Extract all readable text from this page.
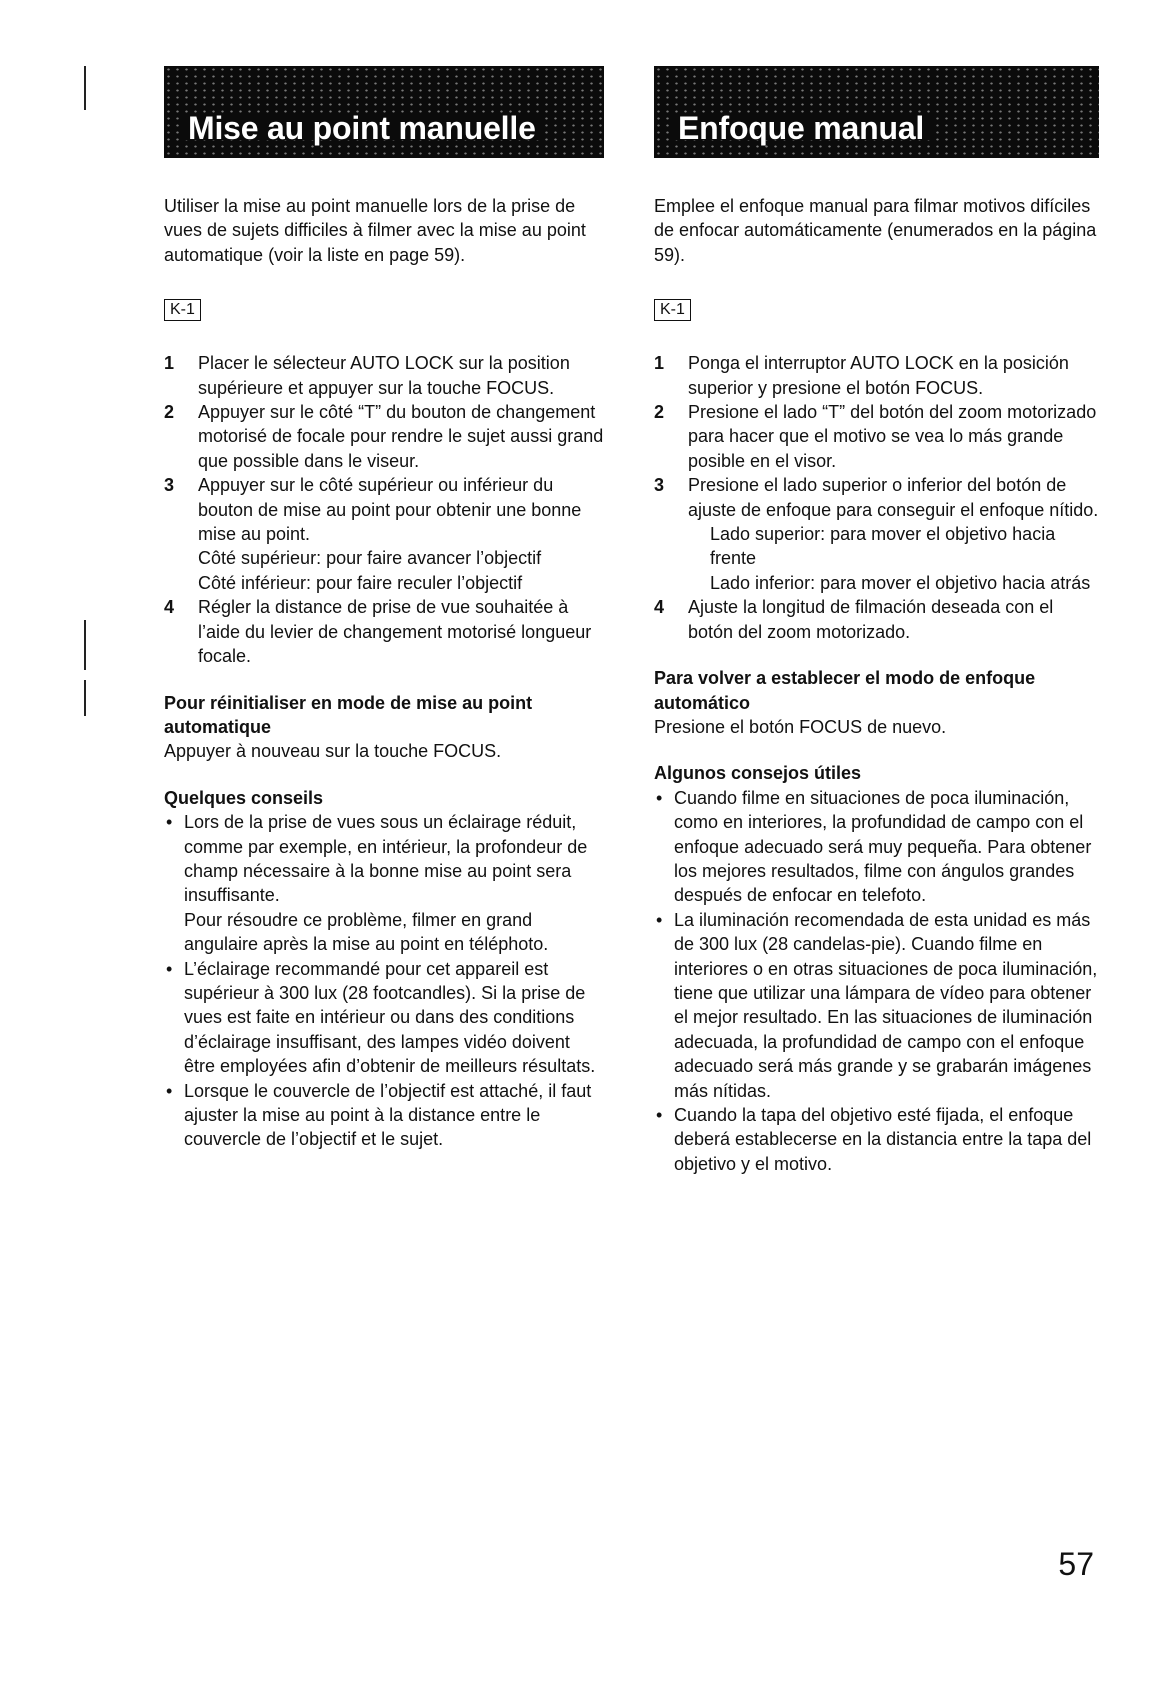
Mise au point manuelle

Utiliser la mise au point manuelle lors de la prise de vues de sujets difficiles à filmer avec la mise au point automatique (voir la liste en page 59).

K-1
1 Placer le sélecteur AUTO LOCK sur la position supérieure et appuyer sur la touche FOCUS.
2 Appuyer sur le côté “T” du bouton de changement motorisé de focale pour rendre le sujet aussi grand que possible dans le viseur.
3 Appuyer sur le côté supérieur ou inférieur du bouton de mise au point pour obtenir une bonne mise au point.
Côté supérieur: pour faire avancer l’objectif
Côté inférieur: pour faire reculer l’objectif
4 Régler la distance de prise de vue souhaitée à l’aide du levier de changement motorisé longueur focale.
Pour réinitialiser en mode de mise au point automatique

Appuyer à nouveau sur la touche FOCUS.

Quelques conseils
• Lors de la prise de vues sous un éclairage réduit, comme par exemple, en intérieur, la profondeur de champ nécessaire à la bonne mise au point sera insuffisante.
Pour résoudre ce problème, filmer en grand angulaire après la mise au point en téléphoto.
• L’éclairage recommandé pour cet appareil est supérieur à 300 lux (28 footcandles). Si la prise de vues est faite en intérieur ou dans des conditions d’éclairage insuffisant, des lampes vidéo doivent être employées afin d’obtenir de meilleurs résultats.
• Lorsque le couvercle de l’objectif est attaché, il faut ajuster la mise au point à la distance entre le couvercle de l’objectif et le sujet.
Enfoque manual

Emplee el enfoque manual para filmar motivos difíciles de enfocar automáticamente (enumerados en la página 59).

K-1
1 Ponga el interruptor AUTO LOCK en la posición superior y presione el botón FOCUS.
2 Presione el lado “T” del botón del zoom motorizado para hacer que el motivo se vea lo más grande posible en el visor.
3 Presione el lado superior o inferior del botón de ajuste de enfoque para conseguir el enfoque nítido.
Lado superior: para mover el objetivo hacia frente
Lado inferior: para mover el objetivo hacia atrás
4 Ajuste la longitud de filmación deseada con el botón del zoom motorizado.
Para volver a establecer el modo de enfoque automático

Presione el botón FOCUS de nuevo.

Algunos consejos útiles
• Cuando filme en situaciones de poca iluminación, como en interiores, la profundidad de campo con el enfoque adecuado será muy pequeña. Para obtener los mejores resultados, filme con ángulos grandes después de enfocar en telefoto.
• La iluminación recomendada de esta unidad es más de 300 lux (28 candelas-pie). Cuando filme en interiores o en otras situaciones de poca iluminación, tiene que utilizar una lámpara de vídeo para obtener el mejor resultado. En las situaciones de iluminación adecuada, la profundidad de campo con el enfoque adecuado será más grande y se grabarán imágenes más nítidas.
• Cuando la tapa del objetivo esté fijada, el enfoque deberá establecerse en la distancia entre la tapa del objetivo y el motivo.
57
